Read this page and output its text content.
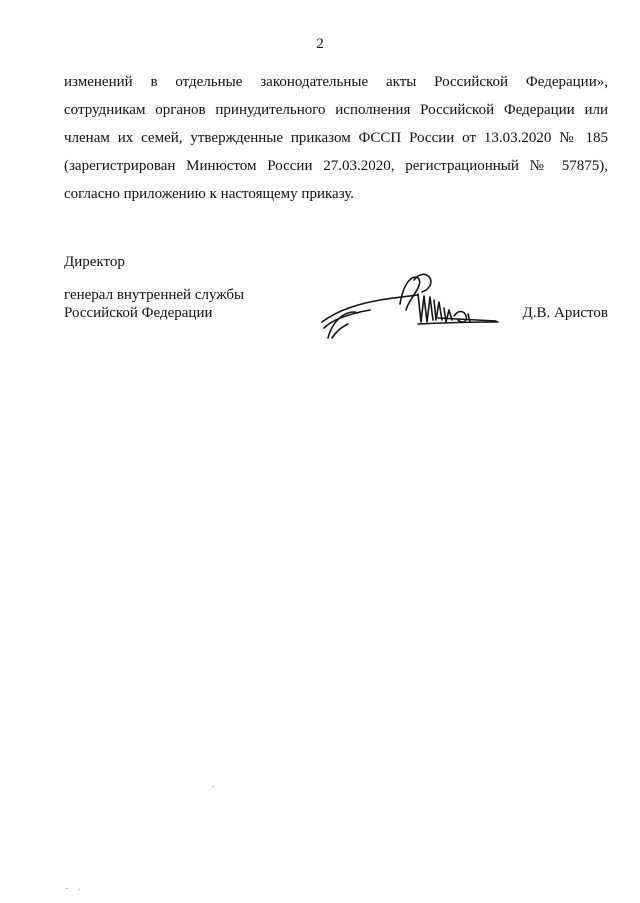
2
изменений в отдельные законодательные акты Российской Федерации»,
сотрудникам органов принудительного исполнения Российской Федерации или
членам их семей, утвержденные приказом ФССП России от 13.03.2020 № 185
(зарегистрирован Минюстом России 27.03.2020, регистрационный № 57875),
согласно приложению к настоящему приказу.
Директор
генерал внутренней службы
Российской Федерации	Д.В. Аристов
